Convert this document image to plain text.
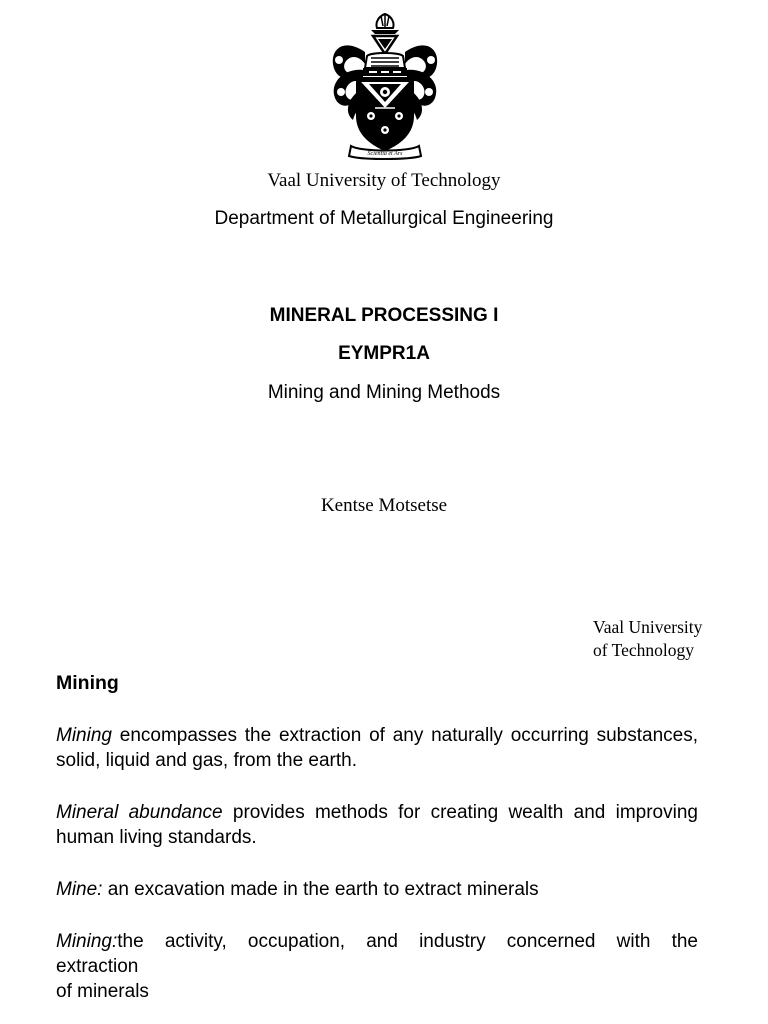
Scientia et Ars
Vaal University of Technology
Department of Metallurgical Engineering
MINERAL PROCESSING I
EYMPR1A
Mining and Mining Methods
Kentse Motsetse
Vaal University
of Technology
Mining
Mining encompasses the extraction of any naturally occurring substances, solid, liquid and gas, from the earth.
Mineral abundance provides methods for creating wealth and improving human living standards.
Mine: an excavation made in the earth to extract minerals
Mining:the activity, occupation, and industry concerned with the
extraction
of minerals
